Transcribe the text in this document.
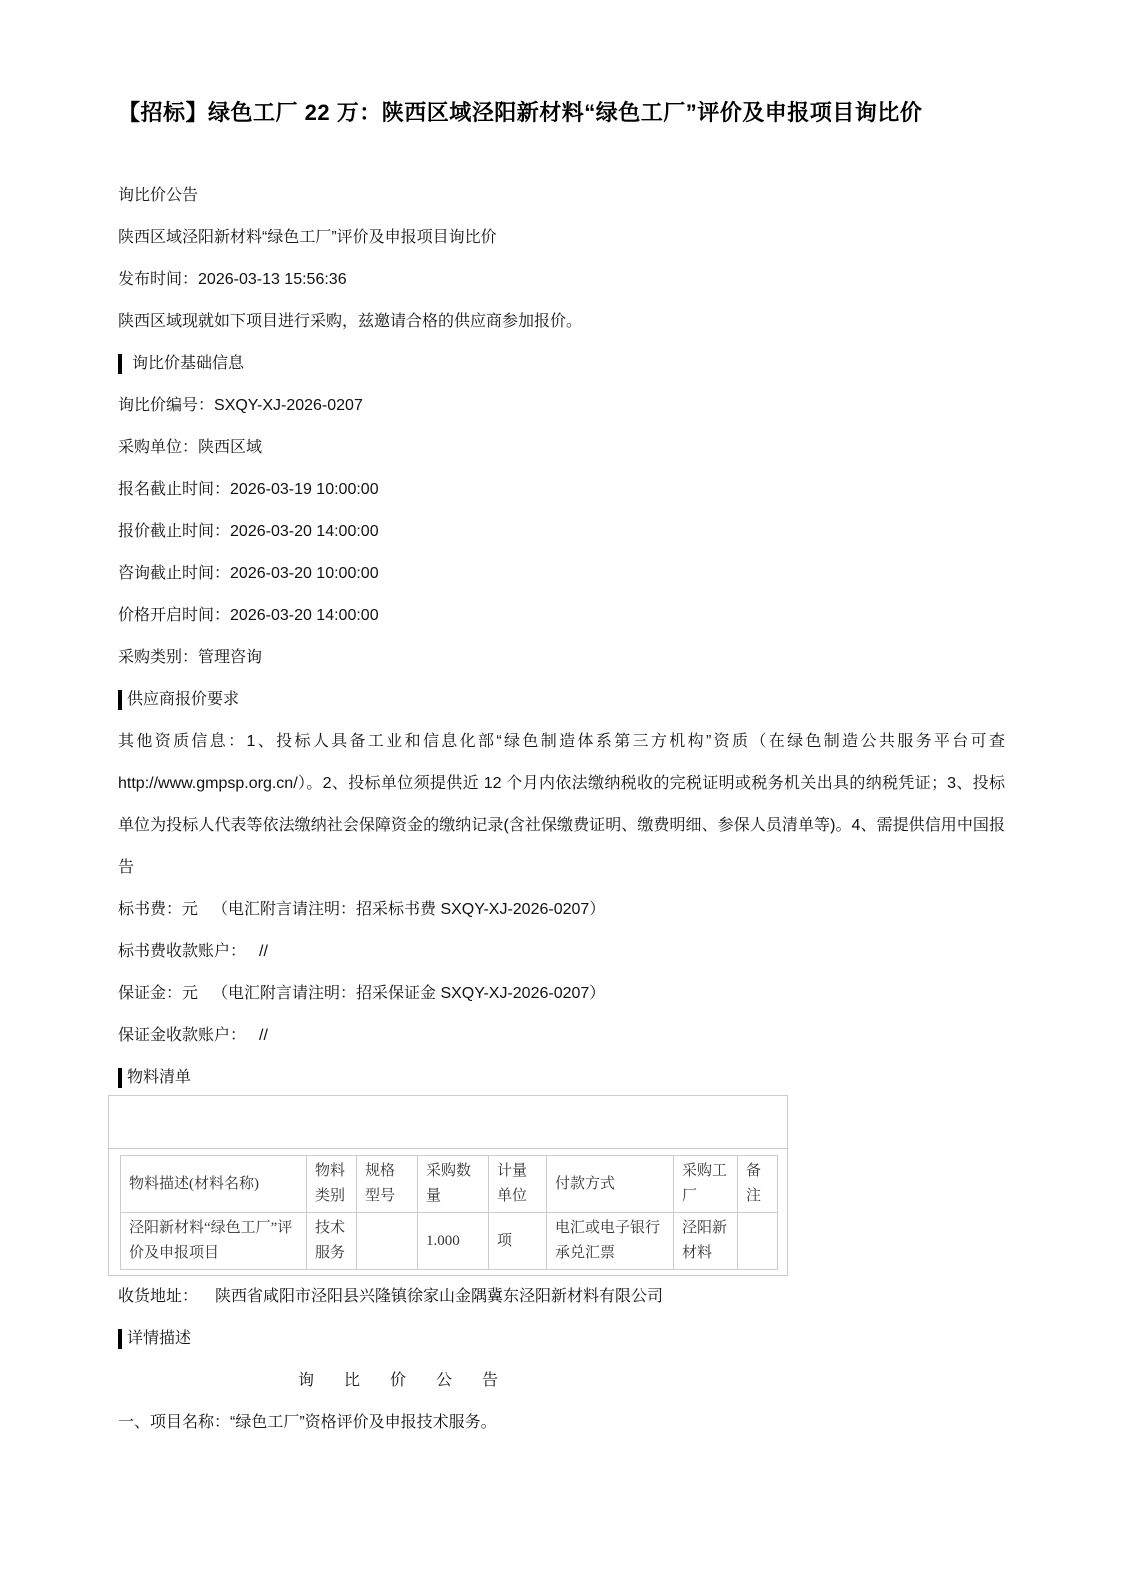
【招标】绿色工厂 22 万：陕西区域泾阳新材料“绿色工厂”评价及申报项目询比价

询比价公告

陕西区域泾阳新材料“绿色工厂”评价及申报项目询比价

发布时间：2026-03-13 15:56:36

陕西区域现就如下项目进行采购，兹邀请合格的供应商参加报价。

询比价基础信息

询比价编号：SXQY-XJ-2026-0207

采购单位：陕西区域

报名截止时间：2026-03-19 10:00:00

报价截止时间：2026-03-20 14:00:00

咨询截止时间：2026-03-20 10:00:00

价格开启时间：2026-03-20 14:00:00

采购类别：管理咨询

供应商报价要求

其他资质信息：1、投标人具备工业和信息化部“绿色制造体系第三方机构”资质（在绿色制造公共服务平台可查 http://www.gmpsp.org.cn/）。2、投标单位须提供近 12 个月内依法缴纳税收的完税证明或税务机关出具的纳税凭证；3、投标单位为投标人代表等依法缴纳社会保障资金的缴纳记录(含社保缴费证明、缴费明细、参保人员清单等)。4、需提供信用中国报告

标书费：元 （电汇附言请注明：招采标书费 SXQY-XJ-2026-0207）

标书费收款账户： //

保证金：元 （电汇附言请注明：招采保证金 SXQY-XJ-2026-0207）

保证金收款账户： //

物料清单
物料描述(材料名称)	物料类别	规格型号	采购数量	计量单位	付款方式	采购工厂	备注
泾阳新材料“绿色工厂”评价及申报项目	技术服务		1.000	项	电汇或电子银行承兑汇票	泾阳新材料	

收货地址： 陕西省咸阳市泾阳县兴隆镇徐家山金隅冀东泾阳新材料有限公司

详情描述

询比价公告

一、项目名称：“绿色工厂”资格评价及申报技术服务。
